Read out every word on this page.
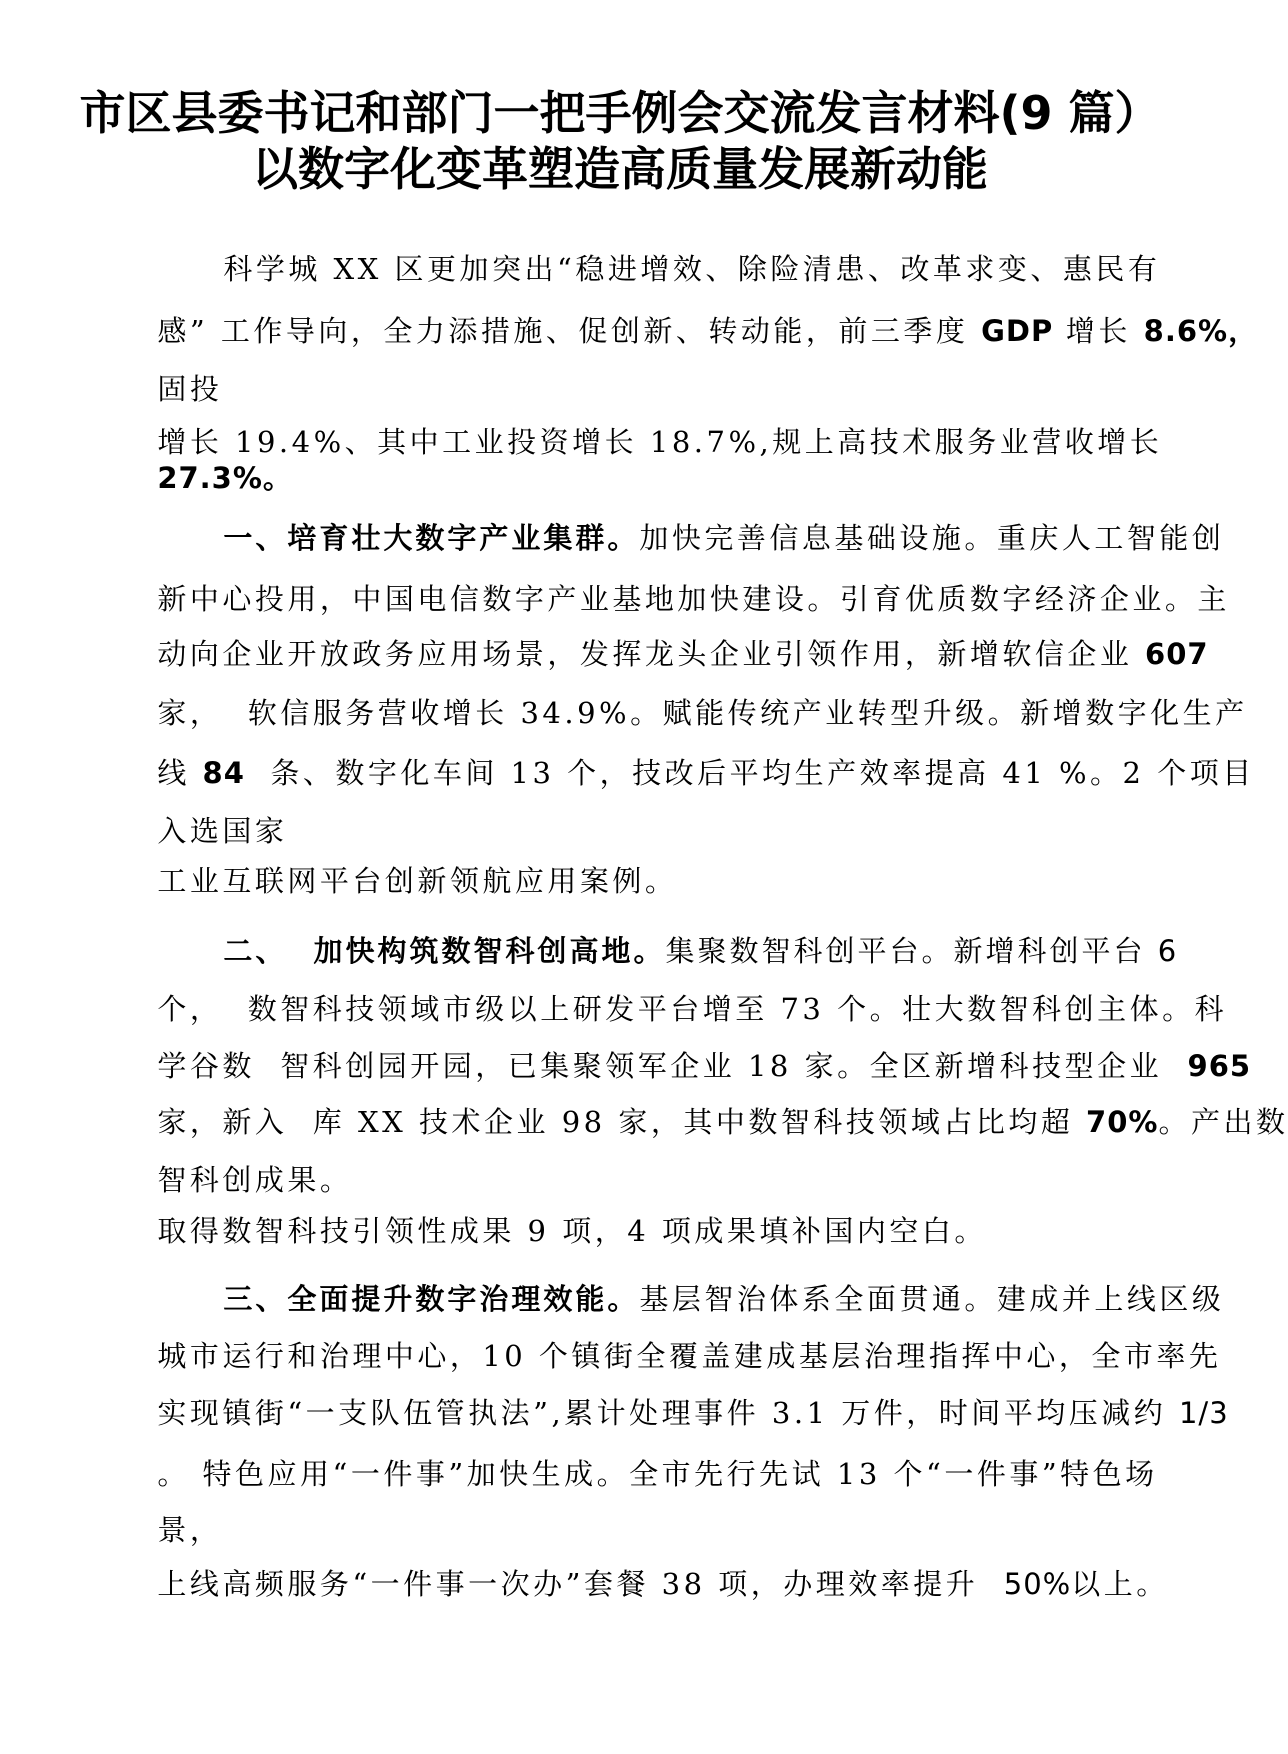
市区县委书记和部门一把手例会交流发言材料(9 篇）
以数字化变革塑造高质量发展新动能

科学城 XX 区更加突出“稳进增效、除险清患、改革求变、惠民有

感” 工作导向，全力添措施、促创新、转动能，前三季度 GDP 增长 8.6%，

固投

增长 19.4%、其中工业投资增长 18.7%,规上高技术服务业营收增长

27.3%。

一、培育壮大数字产业集群。加快完善信息基础设施。重庆人工智能创

新中心投用，中国电信数字产业基地加快建设。引育优质数字经济企业。主

动向企业开放政务应用场景，发挥龙头企业引领作用，新增软信企业 607

家，  软信服务营收增长 34.9%。赋能传统产业转型升级。新增数字化生产

线 84  条、数字化车间 13 个，技改后平均生产效率提高 41 %。2 个项目

入选国家

工业互联网平台创新领航应用案例。

二、  加快构筑数智科创高地。集聚数智科创平台。新增科创平台 6

个，  数智科技领域市级以上研发平台增至 73 个。壮大数智科创主体。科

学谷数  智科创园开园，已集聚领军企业 18 家。全区新增科技型企业  965

家，新入  库 XX 技术企业 98 家，其中数智科技领域占比均超 70%。产出数

智科创成果。

取得数智科技引领性成果 9 项，4 项成果填补国内空白。

三、全面提升数字治理效能。基层智治体系全面贯通。建成并上线区级

城市运行和治理中心，10 个镇街全覆盖建成基层治理指挥中心，全市率先

实现镇街“一支队伍管执法”,累计处理事件 3.1 万件，时间平均压减约 1/3

。 特色应用“一件事”加快生成。全市先行先试 13 个“一件事”特色场

景，

上线高频服务“一件事一次办”套餐 38 项，办理效率提升  50%以上。
